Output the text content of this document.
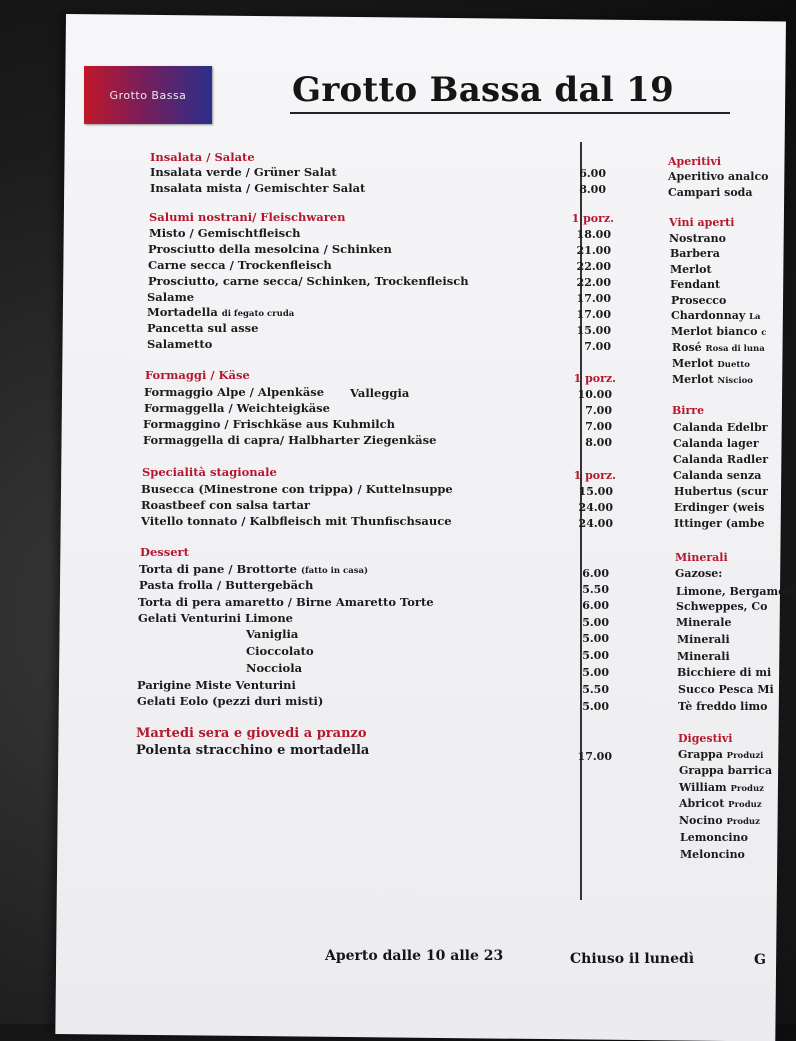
Grotto Bassa	Grotto Bassa dal 19
Insalata / Salate
Insalata verde / Grüner Salat	6.00
Insalata mista / Gemischter Salat	8.00
Salumi nostrani/ Fleischwaren	1 porz.
Misto / Gemischtfleisch	18.00
Prosciutto della mesolcina / Schinken	21.00
Carne secca / Trockenfleisch	22.00
Prosciutto, carne secca/ Schinken, Trockenfleisch	22.00
Salame	17.00
Mortadella di fegato cruda	17.00
Pancetta sul asse	15.00
Salametto	7.00
Formaggi / Käse	1 porz.
Formaggio Alpe / Alpenkäse Valleggia	10.00
Formaggella / Weichteigkäse	7.00
Formaggino / Frischkäse aus Kuhmilch	7.00
Formaggella di capra/ Halbharter Ziegenkäse	8.00
Specialità stagionale	1 porz.
Busecca (Minestrone con trippa) / Kuttelnsuppe	15.00
Roastbeef con salsa tartar	24.00
Vitello tonnato / Kalbfleisch mit Thunfischsauce	24.00
Dessert
Torta di pane / Brottorte (fatto in casa)	6.00
Pasta frolla / Buttergebäch	5.50
Torta di pera amaretto / Birne Amaretto Torte	6.00
Gelati Venturini Limone	5.00
Vaniglia	5.00
Cioccolato	5.00
Nocciola	5.00
Parigine Miste Venturini	5.50
Gelati Eolo (pezzi duri misti)	5.00
Martedi sera e giovedi a pranzo
Polenta stracchino e mortadella	17.00
Aperitivi
Aperitivo analco
Campari soda
Vini aperti
Nostrano
Barbera
Merlot
Fendant
Prosecco
Chardonnay La
Merlot bianco c
Rosé Rosa di luna
Merlot Duetto
Merlot Niscioo
Birre
Calanda Edelbr
Calanda lager
Calanda Radler
Calanda senza
Hubertus (scur
Erdinger (weis
Ittinger (ambe
Minerali
Gazose:
Limone, Bergamott
Schweppes, Co
Minerale
Minerali
Minerali
Bicchiere di mi
Succo Pesca Mi
Tè freddo limo
Digestivi
Grappa Produzi
Grappa barrica
William Produz
Abricot Produz
Nocino Produz
Lemoncino
Meloncino
Aperto dalle 10 alle 23	Chiuso il lunedì	G
